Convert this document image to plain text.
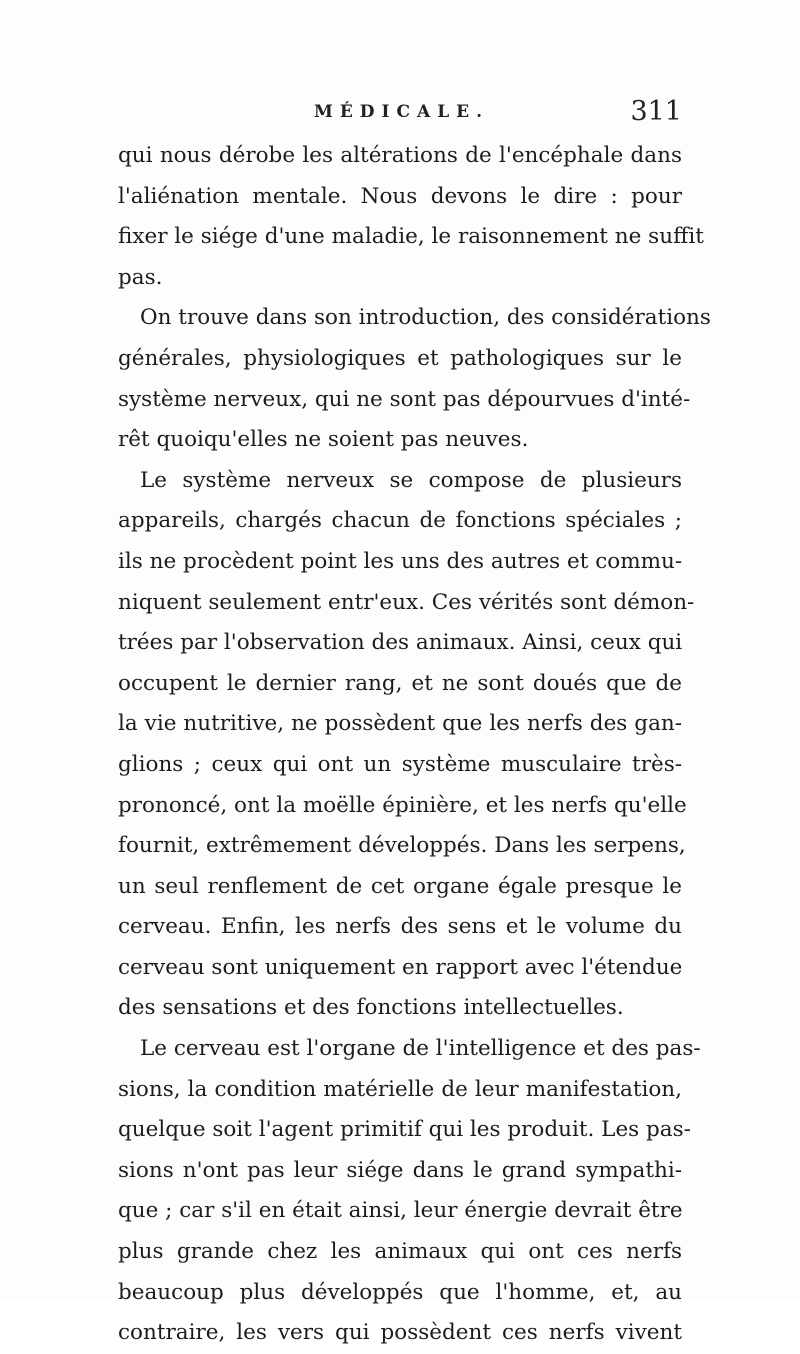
MÉDICALE.	311
qui nous dérobe les altérations de l'encéphale dans
l'aliénation mentale. Nous devons le dire : pour
fixer le siége d'une maladie, le raisonnement ne suffit
pas.
On trouve dans son introduction, des considérations
générales, physiologiques et pathologiques sur le
système nerveux, qui ne sont pas dépourvues d'inté-
rêt quoiqu'elles ne soient pas neuves.
Le système nerveux se compose de plusieurs
appareils, chargés chacun de fonctions spéciales ;
ils ne procèdent point les uns des autres et commu-
niquent seulement entr'eux. Ces vérités sont démon-
trées par l'observation des animaux. Ainsi, ceux qui
occupent le dernier rang, et ne sont doués que de
la vie nutritive, ne possèdent que les nerfs des gan-
glions ; ceux qui ont un système musculaire très-
prononcé, ont la moëlle épinière, et les nerfs qu'elle
fournit, extrêmement développés. Dans les serpens,
un seul renflement de cet organe égale presque le
cerveau. Enfin, les nerfs des sens et le volume du
cerveau sont uniquement en rapport avec l'étendue
des sensations et des fonctions intellectuelles.
Le cerveau est l'organe de l'intelligence et des pas-
sions, la condition matérielle de leur manifestation,
quelque soit l'agent primitif qui les produit. Les pas-
sions n'ont pas leur siége dans le grand sympathi-
que ; car s'il en était ainsi, leur énergie devrait être
plus grande chez les animaux qui ont ces nerfs
beaucoup plus développés que l'homme, et, au
contraire, les vers qui possèdent ces nerfs vivent
